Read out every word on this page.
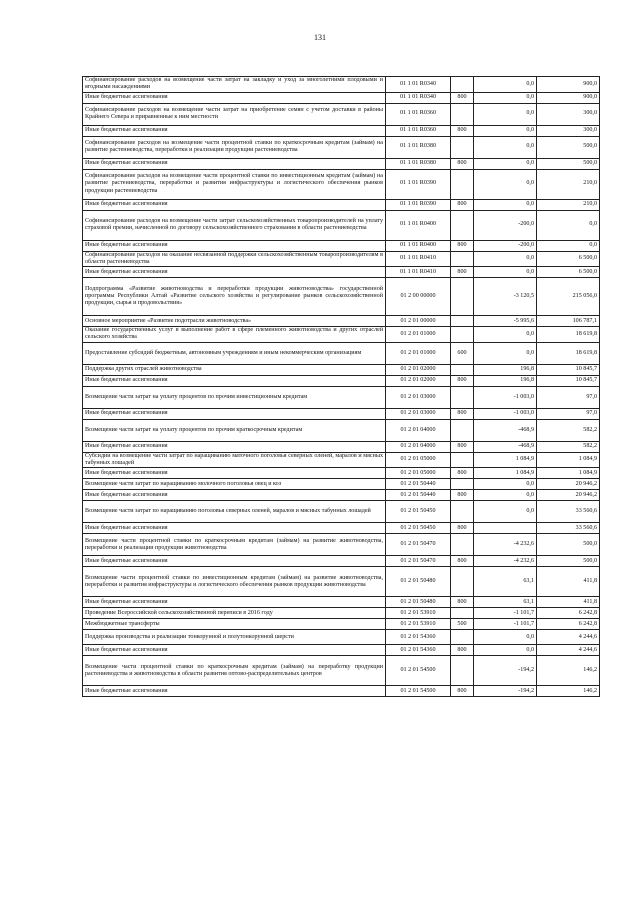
131
Софинансирование расходов на возмещение части затрат на закладку и уход за многолетними плодовыми и ягодными насаждениями	01 1 01 R0340		0,0	900,0
Иные бюджетные ассигнования	01 1 01 R0340	800	0,0	900,0
Софинансирование расходов на возмещение части затрат на приобретение семян с учетом доставки в районы Крайнего Севера и приравненные к ним местности	01 1 01 R0360		0,0	300,0
Иные бюджетные ассигнования	01 1 01 R0360	800	0,0	300,0
Софинансирование расходов на возмещение части процентной ставки по краткосрочным кредитам (займам) на развитие растениеводства, переработки и реализации продукции растениеводства	01 1 01 R0380		0,0	500,0
Иные бюджетные ассигнования	01 1 01 R0380	800	0,0	500,0
Софинансирование расходов на возмещение части процентной ставки по инвестиционным кредитам (займам) на развитие растениеводства, переработки и развития инфраструктуры и логистического обеспечения рынков продукции растениеводства	01 1 01 R0390		0,0	210,0
Иные бюджетные ассигнования	01 1 01 R0390	800	0,0	210,0
Софинансирование расходов на возмещение части затрат сельскохозяйственных товаропроизводителей на уплату страховой премии, начисленной по договору сельскохозяйственного страхования в области растениеводства	01 1 01 R0400		-200,0	0,0
Иные бюджетные ассигнования	01 1 01 R0400	800	-200,0	0,0
Софинансирование расходов на оказание несвязанной поддержки сельскохозяйственным товаропроизводителям в области растениеводства	01 1 01 R0410		0,0	6 500,0
Иные бюджетные ассигнования	01 1 01 R0410	800	0,0	6 500,0
Подпрограмма «Развитие животноводства и переработки продукции животноводства» государственной программы Республики Алтай «Развитие сельского хозяйства и регулирование рынков сельскохозяйственной продукции, сырья и продовольствия»	01 2 00 00000		-3 120,5	215 056,0
Основное мероприятие «Развитие подотрасли животноводства»	01 2 01 00000		-5 995,6	106 787,1
Оказание государственных услуг в выполнение работ в сфере племенного животноводства и других отраслей сельского хозяйства	01 2 01 01000		0,0	18 619,8
Предоставление субсидий бюджетным, автономным учреждениям и иным некоммерческим организациям	01 2 01 01000	600	0,0	18 619,8
Поддержка других отраслей животноводства	01 2 01 02000		196,8	10 845,7
Иные бюджетные ассигнования	01 2 01 02000	800	196,8	10 845,7
Возмещение части затрат на уплату процентов по прочим инвестиционным кредитам	01 2 01 03000		-1 003,0	97,0
Иные бюджетные ассигнования	01 2 01 03000	800	-1 003,0	97,0
Возмещение части затрат на уплату процентов по прочим краткосрочным кредитам	01 2 01 04000		-468,9	582,2
Иные бюджетные ассигнования	01 2 01 04000	800	-468,9	582,2
Субсидии на возмещение части затрат по наращиванию маточного поголовья северных оленей, маралов и мясных табунных лошадей	01 2 01 05000		1 084,9	1 084,9
Иные бюджетные ассигнования	01 2 01 05000	800	1 084,9	1 084,9
Возмещение части затрат по наращиванию молочного поголовья овец и коз	01 2 01 50440		0,0	20 946,2
Иные бюджетные ассигнования	01 2 01 50440	800	0,0	20 946,2
Возмещение части затрат по наращиванию поголовья северных оленей, маралов и мясных табунных лошадей	01 2 01 50450		0,0	33 560,6
Иные бюджетные ассигнования	01 2 01 50450	800		33 560,6
Возмещение части процентной ставки по краткосрочным кредитам (займам) на развитие животноводства, переработки и реализации продукции животноводства	01 2 01 50470		-4 232,6	500,0
Иные бюджетные ассигнования	01 2 01 50470	800	-4 232,6	500,0
Возмещение части процентной ставки по инвестиционным кредитам (займам) на развитие животноводства, переработки и развития инфраструктуры и логистического обеспечения рынков продукции животноводства	01 2 01 50480		63,1	411,8
Иные бюджетные ассигнования	01 2 01 50480	800	63,1	411,8
Проведение Всероссийской сельскохозяйственной переписи в 2016 году	01 2 01 53910		-1 101,7	6 242,8
Межбюджетные трансферты	01 2 01 53910	500	-1 101,7	6 242,8
Поддержка производства и реализации тонкорунной и полутонкорунной шерсти	01 2 01 54360		0,0	4 244,6
Иные бюджетные ассигнования	01 2 01 54360	800	0,0	4 244,6
Возмещение части процентной ставки по краткосрочным кредитам (займам) на переработку продукции растениеводства и животноводства в области развития оптово-распределительных центров	01 2 01 54500		-194,2	146,2
Иные бюджетные ассигнования	01 2 01 54500	800	-194,2	146,2
